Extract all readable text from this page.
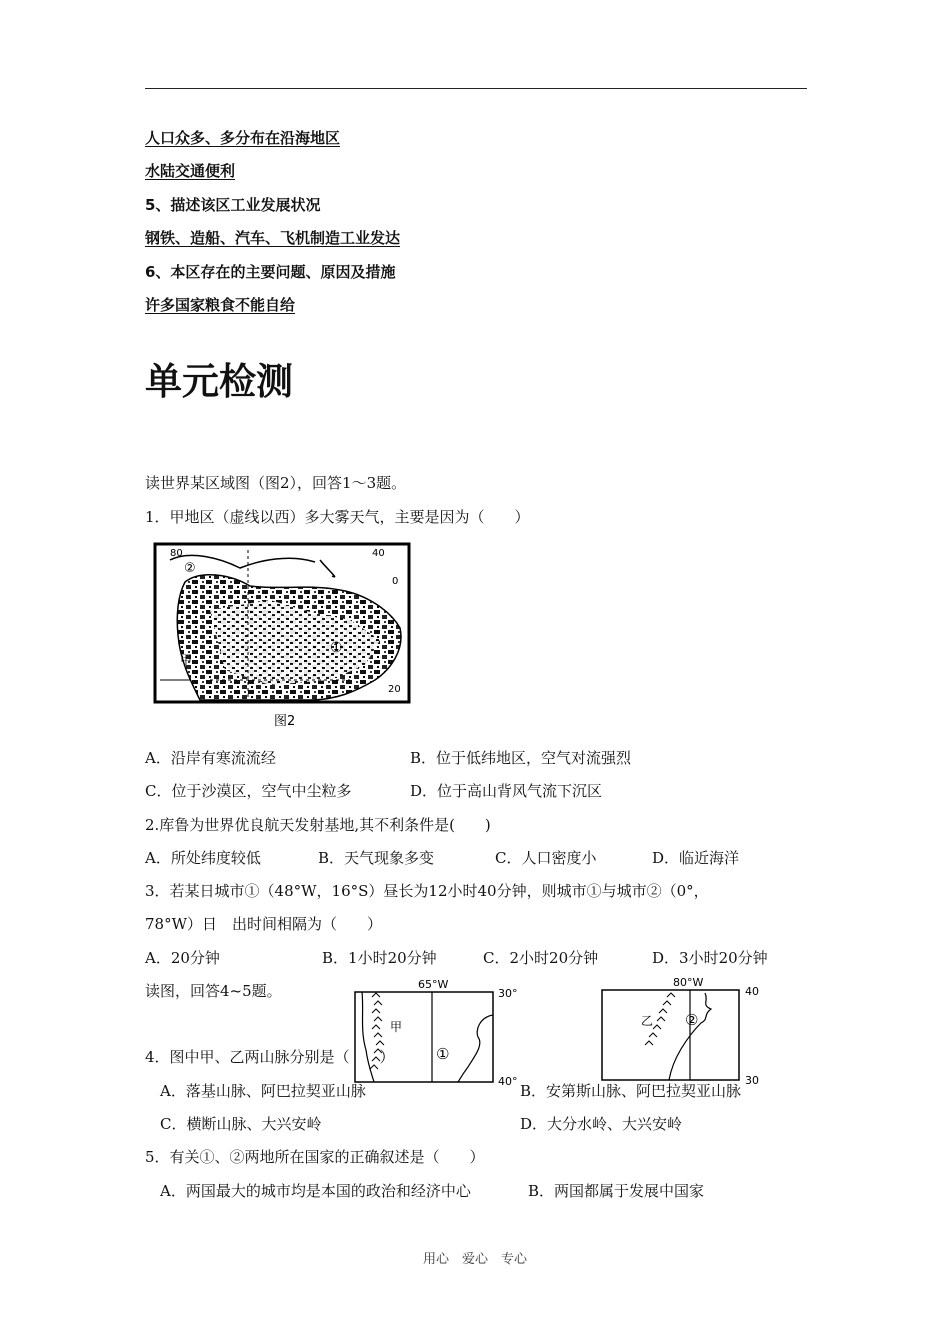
人口众多、多分布在沿海地区
水陆交通便利
5、描述该区工业发展状况
钢铁、造船、汽车、飞机制造工业发达
6、本区存在的主要问题、原因及措施
许多国家粮食不能自给
单元检测
读世界某区域图（图2），回答1～3题。
1．甲地区（虚线以西）多大雾天气，主要是因为（　　）
80	40
0
20
②
①
甲
图2
A．沿岸有寒流流经	B．位于低纬地区，空气对流强烈
C．位于沙漠区，空气中尘粒多	D．位于高山背风气流下沉区
2.库鲁为世界优良航天发射基地,其不利条件是(　　)
A．所处纬度较低	B．天气现象多变	C．人口密度小	D．临近海洋
3．若某日城市①（48°W，16°S）昼长为12小时40分钟，则城市①与城市②（0°，
78°W）日　出时间相隔为（　　）
A．20分钟	B．1小时20分钟	C．2小时20分钟	D．3小时20分钟
读图，回答4~5题。	65°W
30°
40°
甲
①
80°W
40
30
乙 ②
4．图中甲、乙两山脉分别是（　　）
A．落基山脉、阿巴拉契亚山脉	B．安第斯山脉、阿巴拉契亚山脉
C．横断山脉、大兴安岭	D．大分水岭、大兴安岭
5．有关①、②两地所在国家的正确叙述是（　　）
A．两国最大的城市均是本国的政治和经济中心	B．两国都属于发展中国家
用心　爱心　专心
